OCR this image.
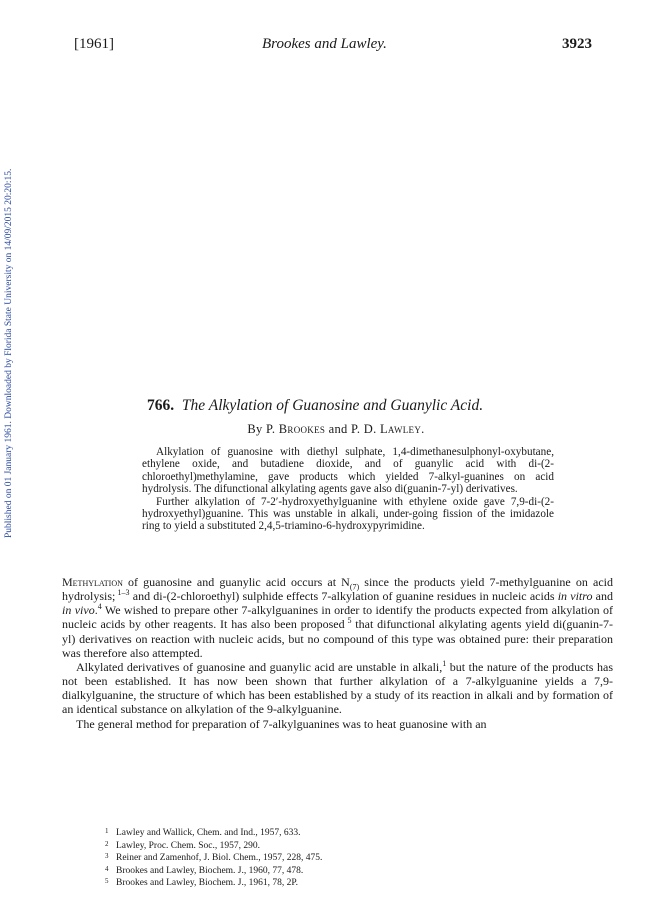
[1961]	Brookes and Lawley.	3923
Published on 01 January 1961. Downloaded by Florida State University on 14/09/2015 20:20:15.	766. The Alkylation of Guanosine and Guanylic Acid.
By P. Brookes and P. D. Lawley.

Alkylation of guanosine with diethyl sulphate, 1,4-dimethanesulphonyl-oxybutane, ethylene oxide, and butadiene dioxide, and of guanylic acid with di-(2-chloroethyl)methylamine, gave products which yielded 7-alkyl-guanines on acid hydrolysis. The difunctional alkylating agents gave also di(guanin-7-yl) derivatives.

Further alkylation of 7-2′-hydroxyethylguanine with ethylene oxide gave 7,9-di-(2-hydroxyethyl)guanine. This was unstable in alkali, under-going fission of the imidazole ring to yield a substituted 2,4,5-triamino-6-hydroxypyrimidine.

Methylation of guanosine and guanylic acid occurs at $N_{(7)}$ since the products yield 7-methylguanine on acid hydrolysis; $^{1-3}$ and di-(2-chloroethyl) sulphide effects 7-alkylation of guanine residues in nucleic acids in vitro and in vivo.$^4$ We wished to prepare other 7-alkylguanines in order to identify the products expected from alkylation of nucleic acids by other reagents. It has also been proposed $^5$ that difunctional alkylating agents yield di(guanin-7-yl) derivatives on reaction with nucleic acids, but no compound of this type was obtained pure: their preparation was therefore also attempted.

Alkylated derivatives of guanosine and guanylic acid are unstable in alkali,$^1$ but the nature of the products has not been established. It has now been shown that further alkylation of a 7-alkylguanine yields a 7,9-dialkylguanine, the structure of which has been established by a study of its reaction in alkali and by formation of an identical substance on alkylation of the 9-alkylguanine.

The general method for preparation of 7-alkylguanines was to heat guanosine with an

1 Lawley and Wallick, Chem. and Ind., 1957, 633.
2 Lawley, Proc. Chem. Soc., 1957, 290.
3 Reiner and Zamenhof, J. Biol. Chem., 1957, 228, 475.
4 Brookes and Lawley, Biochem. J., 1960, 77, 478.
5 Brookes and Lawley, Biochem. J., 1961, 78, 2P.
